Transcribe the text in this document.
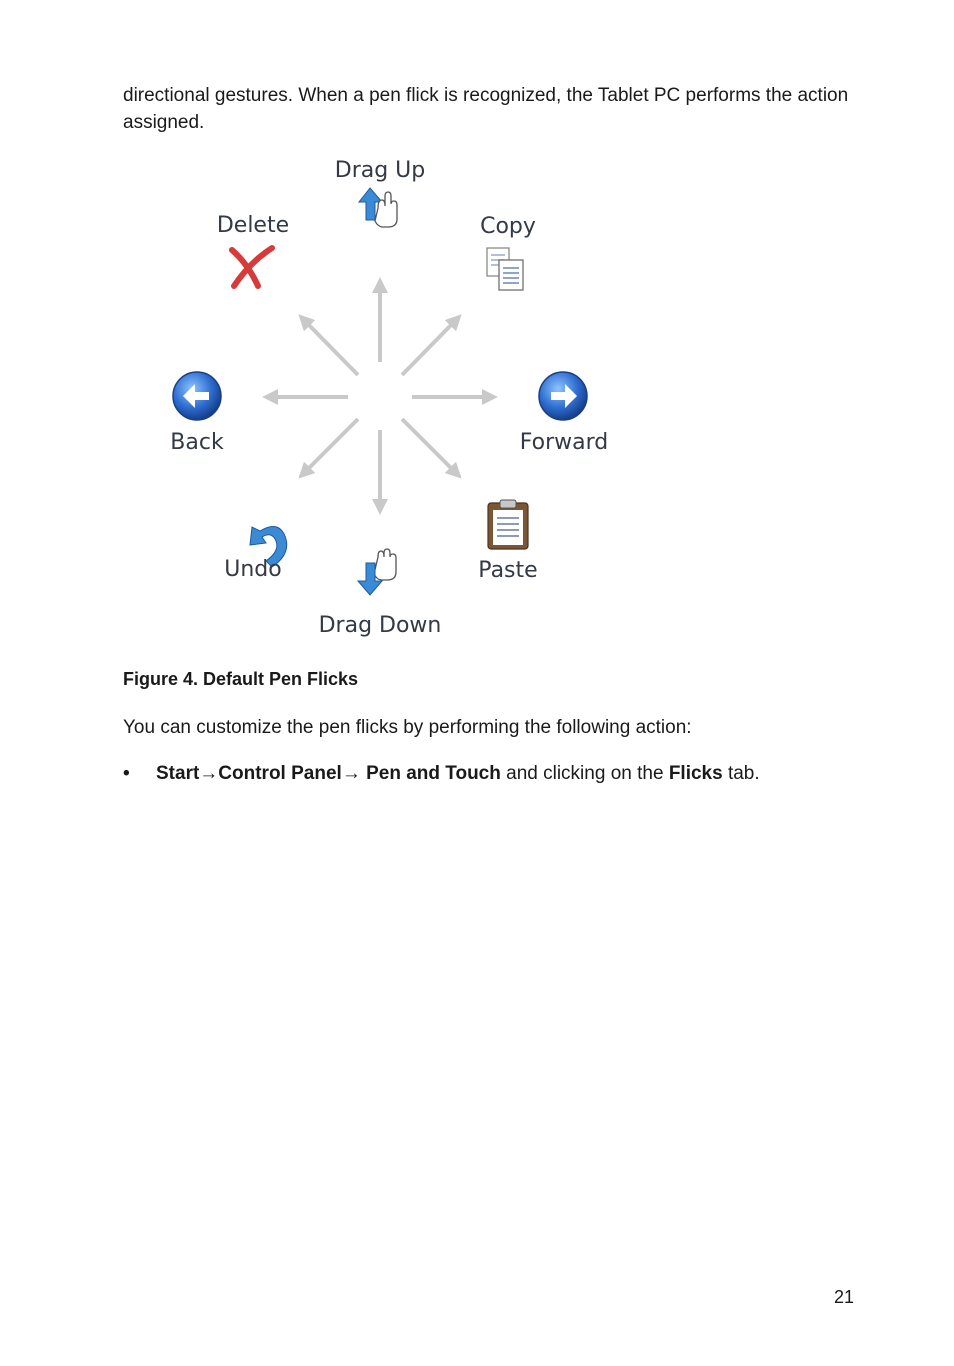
directional gestures. When a pen flick is recognized, the Tablet PC performs the action assigned.

Drag Up
Copy
Forward
Paste
Drag Down
Undo
Back
Delete

Figure 4. Default Pen Flicks

You can customize the pen flicks by performing the following action:

•	Start→Control Panel→ Pen and Touch and clicking on the Flicks tab.
21
